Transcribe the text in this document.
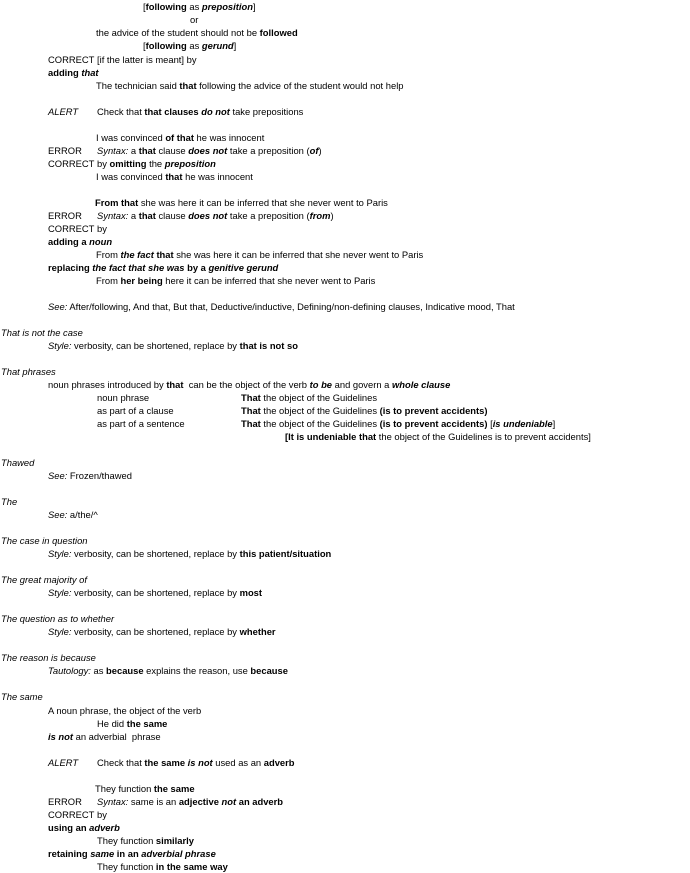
[following as preposition]
or
the advice of the student should not be followed
[following as gerund]
CORRECT [if the latter is meant] by
adding that
The technician said that following the advice of the student would not help
ALERT Check that that clauses do not take prepositions
I was convinced of that he was innocent
ERROR Syntax: a that clause does not take a preposition (of)
CORRECT by omitting the preposition
I was convinced that he was innocent
From that she was here it can be inferred that she never went to Paris
ERROR Syntax: a that clause does not take a preposition (from)
CORRECT by
adding a noun
From the fact that she was here it can be inferred that she never went to Paris
replacing the fact that she was by a genitive gerund
From her being here it can be inferred that she never went to Paris
See: After/following, And that, But that, Deductive/inductive, Defining/non-defining clauses, Indicative mood, That
That is not the case
Style: verbosity, can be shortened, replace by that is not so
That phrases
noun phrases introduced by that  can be the object of the verb to be and govern a whole clause
noun phrase	That the object of the Guidelines
as part of a clause	That the object of the Guidelines (is to prevent accidents)
as part of a sentence	That the object of the Guidelines (is to prevent accidents) [is undeniable]
[It is undeniable that the object of the Guidelines is to prevent accidents]
Thawed
See: Frozen/thawed
The
See: a/the/^
The case in question
Style: verbosity, can be shortened, replace by this patient/situation
The great majority of
Style: verbosity, can be shortened, replace by most
The question as to whether
Style: verbosity, can be shortened, replace by whether
The reason is because
Tautology: as because explains the reason, use because
The same
A noun phrase, the object of the verb
He did the same
is not an adverbial  phrase
ALERT Check that the same is not used as an adverb
They function the same
ERROR Syntax: same is an adjective not an adverb
CORRECT by
using an adverb
They function similarly
retaining same in an adverbial phrase
They function in the same way
